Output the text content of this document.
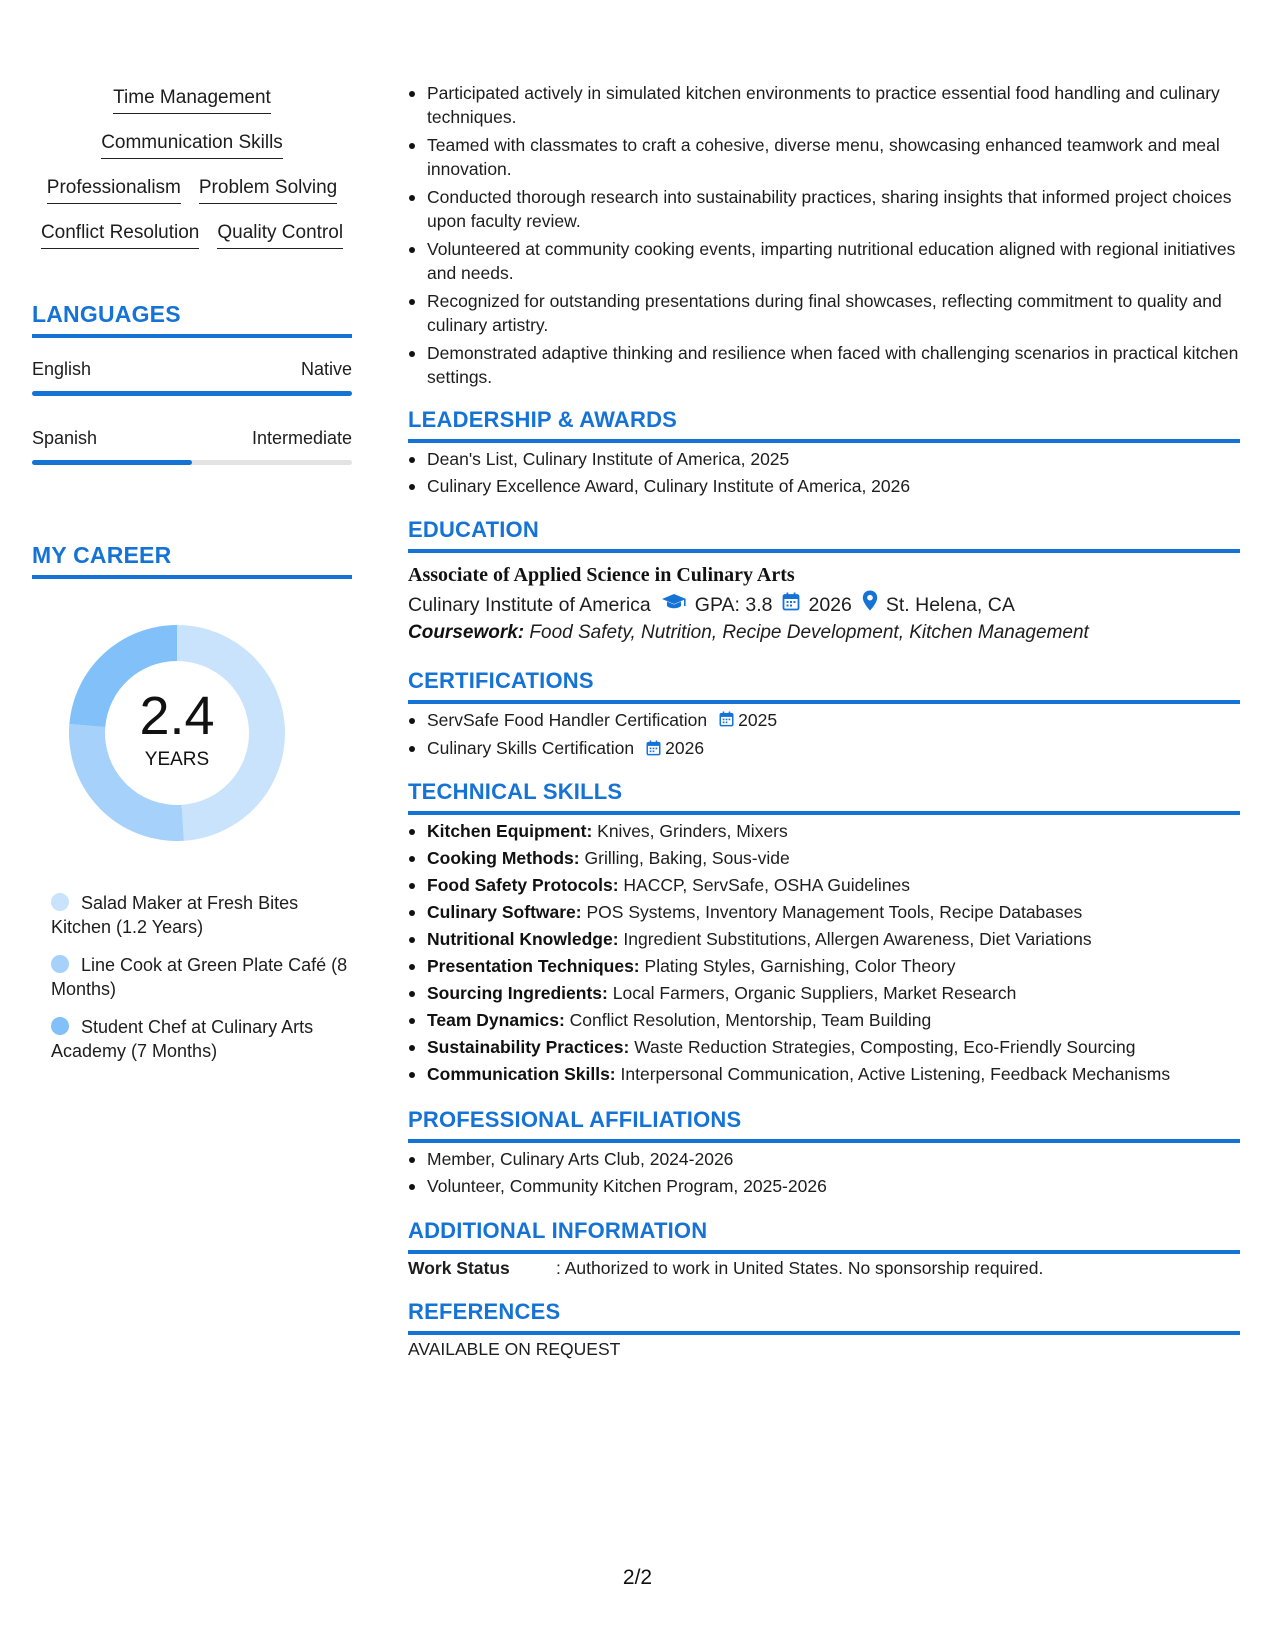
Time Management
Communication Skills
Professionalism Problem Solving
Conflict Resolution Quality Control
LANGUAGES
English	Native
Spanish	Intermediate
MY CAREER
2.4
YEARS
Salad Maker at Fresh Bites Kitchen (1.2 Years)
Line Cook at Green Plate Café (8 Months)
Student Chef at Culinary Arts Academy (7 Months)
Participated actively in simulated kitchen environments to practice essential food handling and culinary techniques.
Teamed with classmates to craft a cohesive, diverse menu, showcasing enhanced teamwork and meal innovation.
Conducted thorough research into sustainability practices, sharing insights that informed project choices upon faculty review.
Volunteered at community cooking events, imparting nutritional education aligned with regional initiatives and needs.
Recognized for outstanding presentations during final showcases, reflecting commitment to quality and culinary artistry.
Demonstrated adaptive thinking and resilience when faced with challenging scenarios in practical kitchen settings.
LEADERSHIP & AWARDS
Dean's List, Culinary Institute of America, 2025
Culinary Excellence Award, Culinary Institute of America, 2026
EDUCATION
Associate of Applied Science in Culinary Arts
Culinary Institute of America GPA: 3.8 2026 St. Helena, CA
Coursework: Food Safety, Nutrition, Recipe Development, Kitchen Management
CERTIFICATIONS
ServSafe Food Handler Certification 2025
Culinary Skills Certification 2026
TECHNICAL SKILLS
Kitchen Equipment: Knives, Grinders, Mixers
Cooking Methods: Grilling, Baking, Sous-vide
Food Safety Protocols: HACCP, ServSafe, OSHA Guidelines
Culinary Software: POS Systems, Inventory Management Tools, Recipe Databases
Nutritional Knowledge: Ingredient Substitutions, Allergen Awareness, Diet Variations
Presentation Techniques: Plating Styles, Garnishing, Color Theory
Sourcing Ingredients: Local Farmers, Organic Suppliers, Market Research
Team Dynamics: Conflict Resolution, Mentorship, Team Building
Sustainability Practices: Waste Reduction Strategies, Composting, Eco-Friendly Sourcing
Communication Skills: Interpersonal Communication, Active Listening, Feedback Mechanisms
PROFESSIONAL AFFILIATIONS
Member, Culinary Arts Club, 2024-2026
Volunteer, Community Kitchen Program, 2025-2026
ADDITIONAL INFORMATION
Work Status	: Authorized to work in United States. No sponsorship required.
REFERENCES
AVAILABLE ON REQUEST
2/2
